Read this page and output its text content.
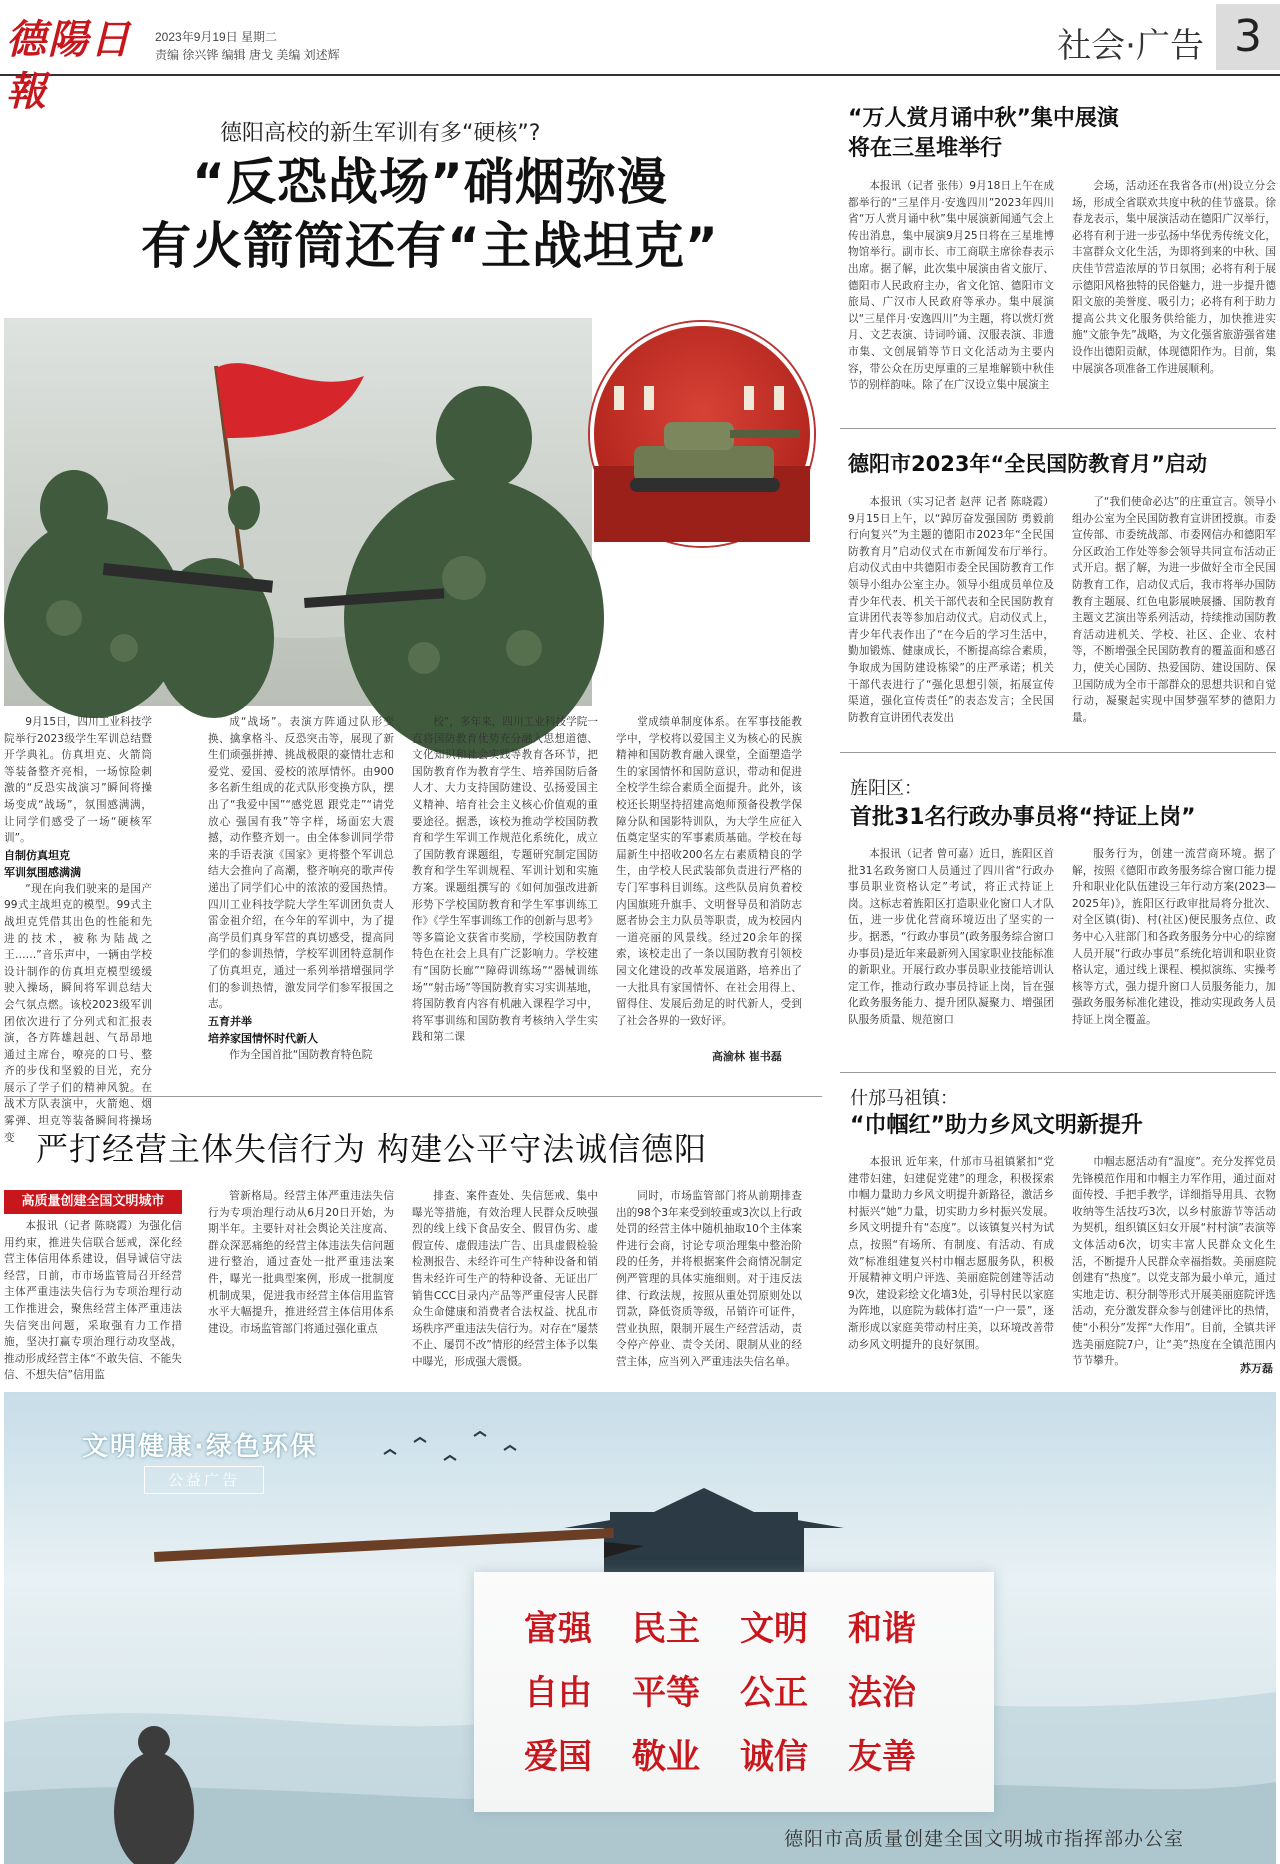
德陽日報
2023年9月19日 星期二
责编 徐兴铧 编辑 唐戈 美编 刘述辉	社会·广告 3
德阳高校的新生军训有多“硬核”?
“反恐战场”硝烟弥漫
有火箭筒还有“主战坦克”

9月15日，四川工业科技学院举行2023级学生军训总结暨开学典礼。仿真坦克、火箭筒等装备整齐亮相，一场惊险刺激的“反恐实战演习”瞬间将操场变成“战场”，氛围感满满，让同学们感受了一场“硬核军训”。

自制仿真坦克

军训氛围感满满

“现在向我们驶来的是国产99式主战坦克的模型。99式主战坦克凭借其出色的性能和先进的技术，被称为陆战之王……”音乐声中，一辆由学校设计制作的仿真坦克模型缓缓驶入操场，瞬间将军训总结大会气氛点燃。该校2023级军训团依次进行了分列式和汇报表演，各方阵雄赳赳、气昂昂地通过主席台，嘹亮的口号、整齐的步伐和坚毅的目光，充分展示了学子们的精神风貌。在战术方队表演中，火箭炮、烟雾弹、坦克等装备瞬间将操场变

成“战场”。表演方阵通过队形变换、擒拿格斗、反恐突击等，展现了新生们顽强拼搏、挑战极限的豪情壮志和爱党、爱国、爱校的浓厚情怀。由900多名新生组成的花式队形变换方队，摆出了“我爱中国”“感党恩 跟党走”“请党放心 强国有我”等字样，场面宏大震撼，动作整齐划一。由全体参训同学带来的手语表演《国家》更将整个军训总结大会推向了高潮，整齐响亮的歌声传递出了同学们心中的浓浓的爱国热情。四川工业科技学院大学生军训团负责人雷金祖介绍，在今年的军训中，为了提高学员们真身军营的真切感受，提高同学们的参训热情，学校军训团特意制作了仿真坦克，通过一系列举措增强同学们的参训热情，激发同学们参军报国之志。

五育并举

培养家国情怀时代新人

作为全国首批“国防教育特色院

校”，多年来，四川工业科技学院一直将国防教育优势充分融入思想道德、文化知识和社会实践等教育各环节，把国防教育作为教育学生、培养国防后备人才、大力支持国防建设、弘扬爱国主义精神、培育社会主义核心价值观的重要途径。据悉，该校为推动学校国防教育和学生军训工作规范化系统化，成立了国防教育课题组，专题研究制定国防教育和学生军训规程、军训计划和实施方案。课题组撰写的《如何加强改进新形势下学校国防教育和学生军事训练工作》《学生军事训练工作的创新与思考》等多篇论文获省市奖励，学校国防教育特色在社会上具有广泛影响力。学校建有“国防长廊”“障碍训练场”“器械训练场”“射击场”等国防教育实习实训基地，将国防教育内容有机融入课程学习中，将军事训练和国防教育考核纳入学生实践和第二课

堂成绩单制度体系。在军事技能教学中，学校将以爱国主义为核心的民族精神和国防教育融入课堂，全面塑造学生的家国情怀和国防意识，带动和促进全校学生综合素质全面提升。此外，该校还长期坚持招建高炮师预备役教学保障分队和国影特训队，为大学生应征入伍奠定坚实的军事素质基础。学校在每届新生中招收200名左右素质精良的学生，由学校人民武装部负责进行严格的专门军事科目训练。这些队员肩负着校内国旗班升旗手、文明督导员和消防志愿者协会主力队员等职责，成为校园内一道亮丽的风景线。经过20余年的探索，该校走出了一条以国防教育引领校园文化建设的改革发展道路，培养出了一大批具有家国情怀、在社会用得上、留得住、发展后劲足的时代新人，受到了社会各界的一致好评。

高渝林 崔书磊
“万人赏月诵中秋”集中展演
将在三星堆举行

本报讯（记者 张伟）9月18日上午在成都举行的“三星伴月·安逸四川”2023年四川省“万人赏月诵中秋”集中展演新闻通气会上传出消息，集中展演9月25日将在三星堆博物馆举行。副市长、市工商联主席徐春表示出席。据了解，此次集中展演由省文旅厅、德阳市人民政府主办，省文化馆、德阳市文旅局、广汉市人民政府等承办。集中展演以“三星伴月·安逸四川”为主题，将以赏灯赏月、文艺表演、诗词吟诵、汉服表演、非遗市集、文创展销等节日文化活动为主要内容，带公众在历史厚重的三星堆解锁中秋佳节的别样韵味。除了在广汉设立集中展演主

会场，活动还在我省各市(州)设立分会场，形成全省联欢共度中秋的佳节盛景。徐春龙表示，集中展演活动在德阳广汉举行，必将有利于进一步弘扬中华优秀传统文化，丰富群众文化生活，为即将到来的中秋、国庆佳节营造浓厚的节日氛围；必将有利于展示德阳风格独特的民俗魅力，进一步提升德阳文旅的美誉度、吸引力；必将有利于助力提高公共文化服务供给能力，加快推进实施“文旅争先”战略，为文化强省旅游强省建设作出德阳贡献，体现德阳作为。目前，集中展演各项准备工作进展顺利。

德阳市2023年“全民国防教育月”启动

本报讯（实习记者 赵萍 记者 陈晓霞）9月15日上午，以“踔厉奋发强国防 勇毅前行向复兴”为主题的德阳市2023年“全民国防教育月”启动仪式在市新闻发布厅举行。启动仪式由中共德阳市委全民国防教育工作领导小组办公室主办。领导小组成员单位及青少年代表、机关干部代表和全民国防教育宣讲团代表等参加启动仪式。启动仪式上，青少年代表作出了“在今后的学习生活中，勤加锻炼、健康成长，不断提高综合素质，争取成为国防建设栋梁”的庄严承诺；机关干部代表进行了“强化思想引领，拓展宣传渠道，强化宣传责任”的表态发言；全民国防教育宣讲团代表发出

了“我们使命必达”的庄重宣言。领导小组办公室为全民国防教育宣讲团授旗。市委宣传部、市委统战部、市委网信办和德阳军分区政治工作处等参会领导共同宣布活动正式开启。据了解，为进一步做好全市全民国防教育工作，启动仪式后，我市将举办国防教育主题展、红色电影展映展播、国防教育主题文艺演出等系列活动，持续推动国防教育活动进机关、学校、社区、企业、农村等，不断增强全民国防教育的覆盖面和感召力，使关心国防、热爱国防、建设国防、保卫国防成为全市干部群众的思想共识和自觉行动，凝聚起实现中国梦强军梦的德阳力量。

旌阳区：
首批31名行政办事员将“持证上岗”

本报讯（记者 曾可嘉）近日，旌阳区首批31名政务窗口人员通过了四川省“行政办事员职业资格认定”考试，将正式持证上岗。这标志着旌阳区打造职业化窗口人才队伍，进一步优化营商环境迈出了坚实的一步。据悉，“行政办事员”(政务服务综合窗口办事员)是近年来最新列入国家职业技能标准的新职业。开展行政办事员职业技能培训认定工作，推动行政办事员持证上岗，旨在强化政务服务能力、提升团队凝聚力、增强团队服务质量、规范窗口

服务行为，创建一流营商环境。据了解，按照《德阳市政务服务综合窗口能力提升和职业化队伍建设三年行动方案(2023—2025年)》，旌阳区行政审批局将分批次、对全区镇(街)、村(社区)便民服务点位、政务中心入驻部门和各政务服务分中心的综窗人员开展“行政办事员”系统化培训和职业资格认定，通过线上课程、模拟演练、实操考核等方式，强力提升窗口人员服务能力，加强政务服务标准化建设，推动实现政务人员持证上岗全覆盖。

什邡马祖镇：
“巾帼红”助力乡风文明新提升

本报讯 近年来，什邡市马祖镇紧扣“党建带妇建，妇建促党建”的理念，积极探索巾帼力量助力乡风文明提升新路径，激活乡村振兴“她”力量，切实助力乡村振兴发展。乡风文明提升有“态度”。以该镇复兴村为试点，按照“有场所、有制度、有活动、有成效”标准组建复兴村巾帼志愿服务队，积极开展精神文明户评选、美丽庭院创建等活动9次，建设彩绘文化墙3处，引导村民以家庭为阵地，以庭院为载体打造“一户一景”，逐渐形成以家庭美带动村庄美，以环境改善带动乡风文明提升的良好氛围。

巾帼志愿活动有“温度”。充分发挥党员先锋模范作用和巾帼主力军作用，通过面对面传授、手把手教学，详细指导用具、衣物收纳等生活技巧3次，以乡村旅游节等活动为契机，组织镇区妇女开展“村村演”表演等文体活动6次，切实丰富人民群众文化生活，不断提升人民群众幸福指数。美丽庭院创建有“热度”。以党支部为最小单元，通过实地走访、积分制等形式开展美丽庭院评选活动，充分激发群众参与创建评比的热情，使“小积分”发挥“大作用”。目前，全镇共评选美丽庭院7户，让“美”热度在全镇范围内节节攀升。

苏万磊
严打经营主体失信行为 构建公平守法诚信德阳
高质量创建全国文明城市

本报讯（记者 陈晓霞）为强化信用约束，推进失信联合惩戒，深化经营主体信用体系建设，倡导诚信守法经营，日前，市市场监管局召开经营主体严重违法失信行为专项治理行动工作推进会，聚焦经营主体严重违法失信突出问题，采取强有力工作措施，坚决打赢专项治理行动攻坚战，推动形成经营主体“不敢失信、不能失信、不想失信”信用监

管新格局。经营主体严重违法失信行为专项治理行动从6月20日开始，为期半年。主要针对社会舆论关注度高、群众深恶痛绝的经营主体违法失信问题进行整治，通过查处一批严重违法案件，曝光一批典型案例，形成一批制度机制成果，促进我市经营主体信用监管水平大幅提升，推进经营主体信用体系建设。市场监管部门将通过强化重点

排查、案件查处、失信惩戒、集中曝光等措施，有效治理人民群众反映强烈的线上线下食品安全、假冒伪劣、虚假宣传、虚假违法广告、出具虚假检验检测报告、未经许可生产特种设备和销售未经许可生产的特种设备、无证出厂销售CCC目录内产品等严重侵害人民群众生命健康和消费者合法权益、扰乱市场秩序严重违法失信行为。对存在“屡禁不止、屡罚不改”情形的经营主体予以集中曝光，形成强大震慑。

同时，市场监管部门将从前期排查出的98个3年来受到较重或3次以上行政处罚的经营主体中随机抽取10个主体案件进行会商，讨论专项治理集中整治阶段的任务，并将根据案件会商情况制定例严管理的具体实施细则。对于违反法律、行政法规，按照从重处罚原则处以罚款，降低资质等级，吊销许可证件，营业执照，限制开展生产经营活动，责令停产停业、责令关闭、限制从业的经营主体，应当列入严重违法失信名单。

文明健康·绿色环保
公益广告
富强 民主 文明 和谐
自由 平等 公正 法治
爱国 敬业 诚信 友善
德阳市高质量创建全国文明城市指挥部办公室
